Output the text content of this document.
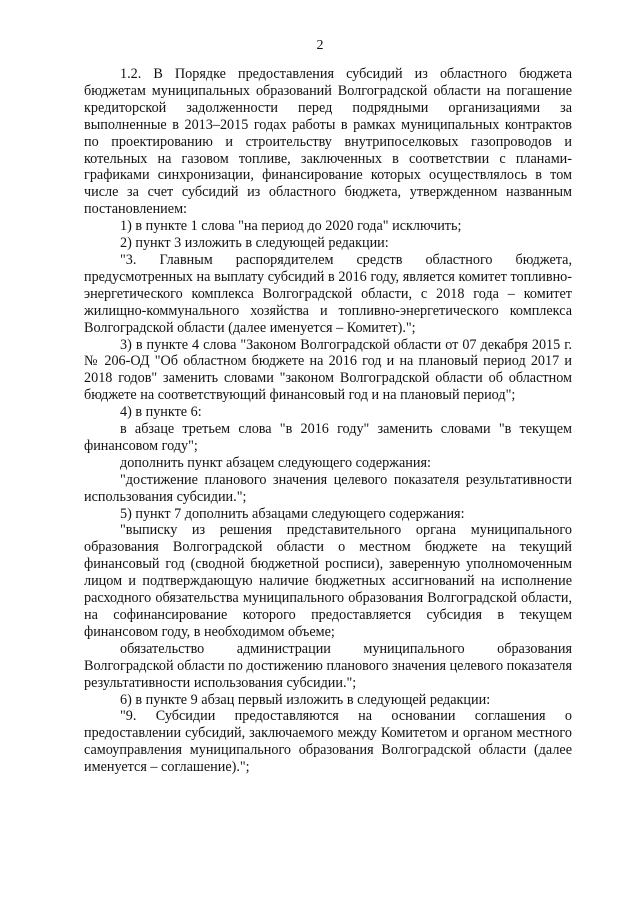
2

1.2. В Порядке предоставления субсидий из областного бюджета бюджетам муниципальных образований Волгоградской области на погашение кредиторской задолженности перед подрядными организациями за выполненные в 2013–2015 годах работы в рамках муниципальных контрактов по проектированию и строительству внутрипоселковых газопроводов и котельных на газовом топливе, заключенных в соответствии с планами-графиками синхронизации, финансирование которых осуществлялось в том числе за счет субсидий из областного бюджета, утвержденном названным постановлением:

1) в пункте 1 слова "на период до 2020 года" исключить;

2) пункт 3 изложить в следующей редакции:

"3. Главным распорядителем средств областного бюджета, предусмотренных на выплату субсидий в 2016 году, является комитет топливно-энергетического комплекса Волгоградской области, с 2018 года – комитет жилищно-коммунального хозяйства и топливно-энергетического комплекса Волгоградской области (далее именуется – Комитет).";

3) в пункте 4 слова "Законом Волгоградской области от 07 декабря 2015 г. № 206-ОД "Об областном бюджете на 2016 год и на плановый период 2017 и 2018 годов" заменить словами "законом Волгоградской области об областном бюджете на соответствующий финансовый год и на плановый период";

4) в пункте 6:

в абзаце третьем слова "в 2016 году" заменить словами "в текущем финансовом году";

дополнить пункт абзацем следующего содержания:

"достижение планового значения целевого показателя результативности использования субсидии.";

5) пункт 7 дополнить абзацами следующего содержания:

"выписку из решения представительного органа муниципального образования Волгоградской области о местном бюджете на текущий финансовый год (сводной бюджетной росписи), заверенную уполномоченным лицом и подтверждающую наличие бюджетных ассигнований на исполнение расходного обязательства муниципального образования Волгоградской области, на софинансирование которого предоставляется субсидия в текущем финансовом году, в необходимом объеме;

обязательство администрации муниципального образования Волгоградской области по достижению планового значения целевого показателя результативности использования субсидии.";

6) в пункте 9 абзац первый изложить в следующей редакции:

"9. Субсидии предоставляются на основании соглашения о предоставлении субсидий, заключаемого между Комитетом и органом местного самоуправления муниципального образования Волгоградской области (далее именуется – соглашение).";
